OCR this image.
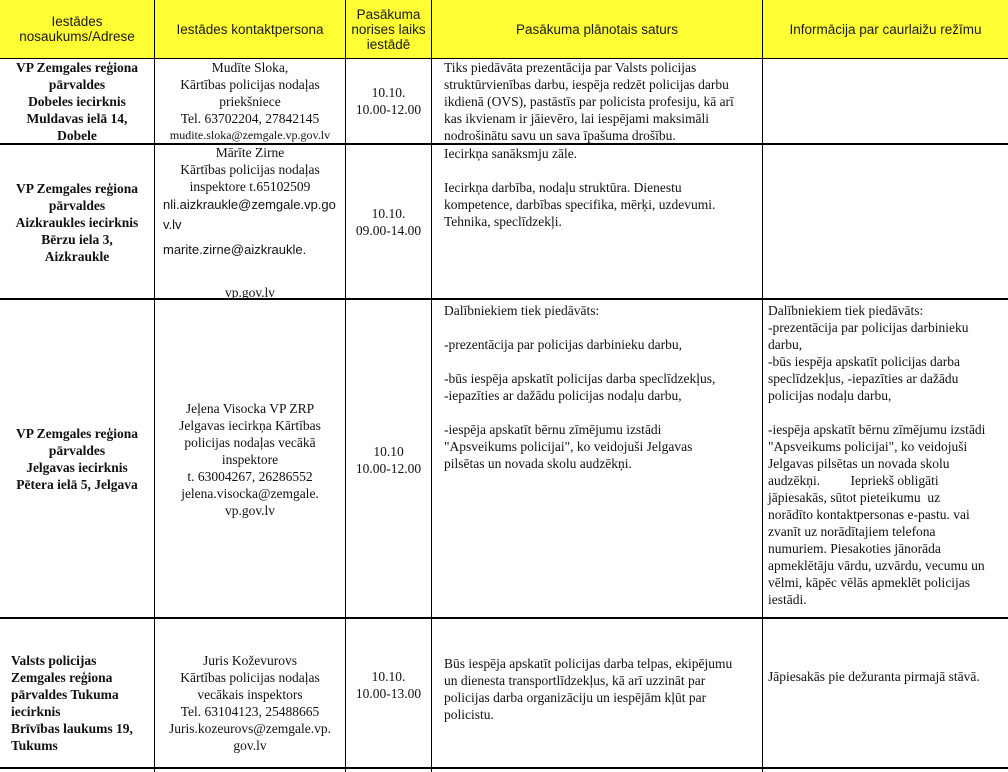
Iestādes nosaukums/Adrese	Iestādes kontaktpersona
Pasākuma norises laiks iestādē
Pasākuma plānotais saturs	Informācija par caurlaižu režīmu
VP Zemgales reģiona
pārvaldes
Dobeles iecirknis
Muldavas ielā 14,
Dobele
Mudīte Sloka,
Kārtības policijas nodaļas
priekšniece
Tel. 63702204, 27842145
mudite.sloka@zemgale.vp.gov.lv
10.10.
10.00-12.00
Tiks piedāvāta prezentācija par Valsts policijas
struktūrvienības darbu, iespēja redzēt policijas darbu
ikdienā (OVS), pastāstīs par policista profesiju, kā arī
kas ikvienam ir jāievēro, lai iespējami maksimāli
nodrošinātu savu un sava īpašuma drošību.
VP Zemgales reģiona
pārvaldes
Aizkraukles iecirknis
Bērzu iela 3,
Aizkraukle
Mārīte Zirne
Kārtības policijas nodaļas
inspektore t.65102509
nli.aizkraukle@zemgale.vp.go
v.lv
marite.zirne@aizkraukle.
vp.gov.lv
10.10.
09.00-14.00
Iecirkņa sanāksmju zāle.
Iecirkņa darbība, nodaļu struktūra. Dienestu
kompetence, darbības specifika, mērķi, uzdevumi.
Tehnika, speclīdzekļi.
VP Zemgales reģiona
pārvaldes
Jelgavas iecirknis
Pētera ielā 5, Jelgava
Jeļena Visocka VP ZRP
Jelgavas iecirkņa Kārtības
policijas nodaļas vecākā
inspektore
t. 63004267, 26286552
jelena.visocka@zemgale.
vp.gov.lv
10.10
10.00-12.00
Dalībniekiem tiek piedāvāts:
-prezentācija par policijas darbinieku darbu,
-būs iespēja apskatīt policijas darba speclīdzekļus,
-iepazīties ar dažādu policijas nodaļu darbu,
-iespēja apskatīt bērnu zīmējumu izstādi
"Apsveikums policijai", ko veidojuši Jelgavas
pilsētas un novada skolu audzēkņi.
Dalībniekiem tiek piedāvāts:
-prezentācija par policijas darbinieku
darbu,
-būs iespēja apskatīt policijas darba
speclīdzekļus, -iepazīties ar dažādu
policijas nodaļu darbu,
-iespēja apskatīt bērnu zīmējumu izstādi
"Apsveikums policijai", ko veidojuši
Jelgavas pilsētas un novada skolu
audzēkņi.         Iepriekš obligāti
jāpiesakās, sūtot pieteikumu  uz
norādīto kontaktpersonas e-pastu. vai
zvanīt uz norādītajiem telefona
numuriem. Piesakoties jānorāda
apmeklētāju vārdu, uzvārdu, vecumu un
vēlmi, kāpēc vēlās apmeklēt policijas
iestādi.
Valsts policijas
Zemgales reģiona
pārvaldes Tukuma
iecirknis
Brīvības laukums 19,
Tukums
Juris Koževurovs
Kārtības policijas nodaļas
vecākais inspektors
Tel. 63104123, 25488665
Juris.kozeurovs@zemgale.vp.
gov.lv
10.10.
10.00-13.00
Būs iespēja apskatīt policijas darba telpas, ekipējumu
un dienesta transportlīdzekļus, kā arī uzzināt par
policijas darba organizāciju un iespējām kļūt par
policistu.
Jāpiesakās pie dežuranta pirmajā stāvā.
